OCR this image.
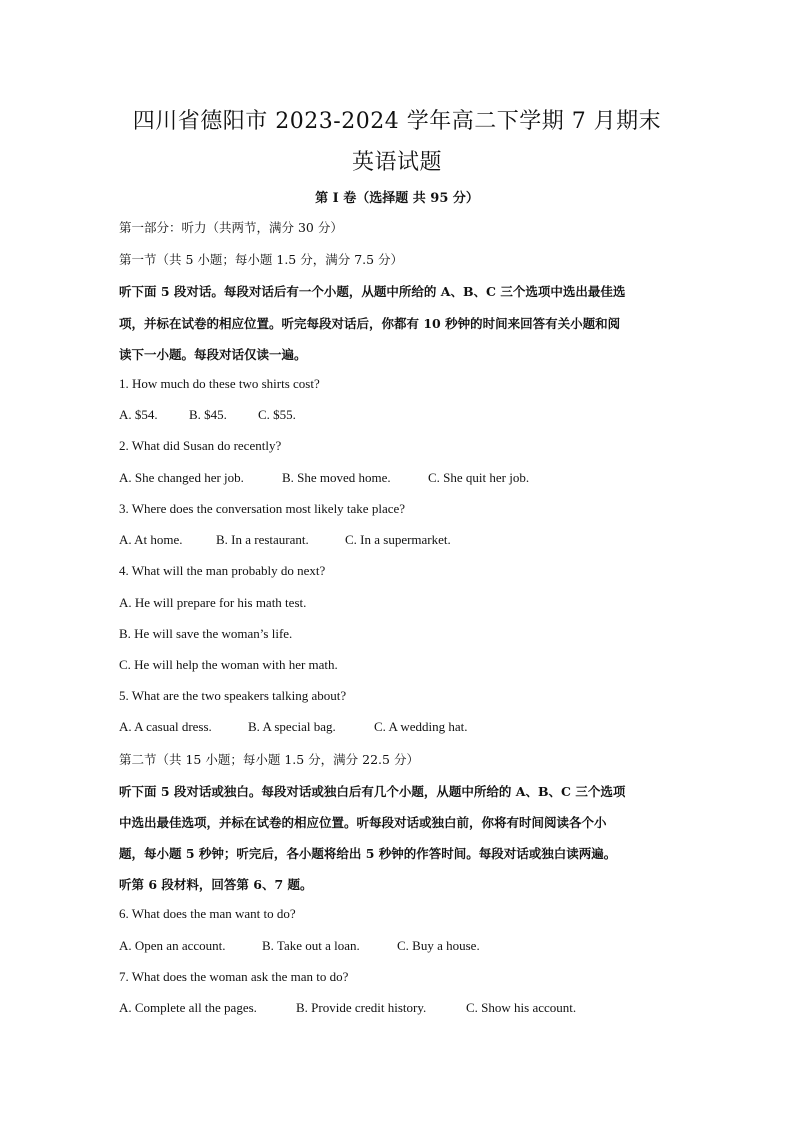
四川省德阳市 2023-2024 学年高二下学期 7 月期末
英语试题
第 I 卷（选择题 共 95 分）
第一部分：听力（共两节，满分 30 分）
第一节（共 5 小题；每小题 1.5 分，满分 7.5 分）
听下面 5 段对话。每段对话后有一个小题，从题中所给的 A、B、C 三个选项中选出最佳选
项，并标在试卷的相应位置。听完每段对话后，你都有 10 秒钟的时间来回答有关小题和阅
读下一小题。每段对话仅读一遍。
1. How much do these two shirts cost?
A. $54. B. $45. C. $55.
2. What did Susan do recently?
A. She changed her job.	B. She moved home.	C. She quit her job.
3. Where does the conversation most likely take place?
A. At home.	B. In a restaurant.	C. In a supermarket.
4. What will the man probably do next?
A. He will prepare for his math test.
B. He will save the woman’s life.
C. He will help the woman with her math.
5. What are the two speakers talking about?
A. A casual dress.	B. A special bag.	C. A wedding hat.
第二节（共 15 小题；每小题 1.5 分，满分 22.5 分）
听下面 5 段对话或独白。每段对话或独白后有几个小题，从题中所给的 A、B、C 三个选项
中选出最佳选项，并标在试卷的相应位置。听每段对话或独白前，你将有时间阅读各个小
题，每小题 5 秒钟；听完后，各小题将给出 5 秒钟的作答时间。每段对话或独白读两遍。
听第 6 段材料，回答第 6、7 题。
6. What does the man want to do?
A. Open an account.	B. Take out a loan.	C. Buy a house.
7. What does the woman ask the man to do?
A. Complete all the pages.	B. Provide credit history.	C. Show his account.
